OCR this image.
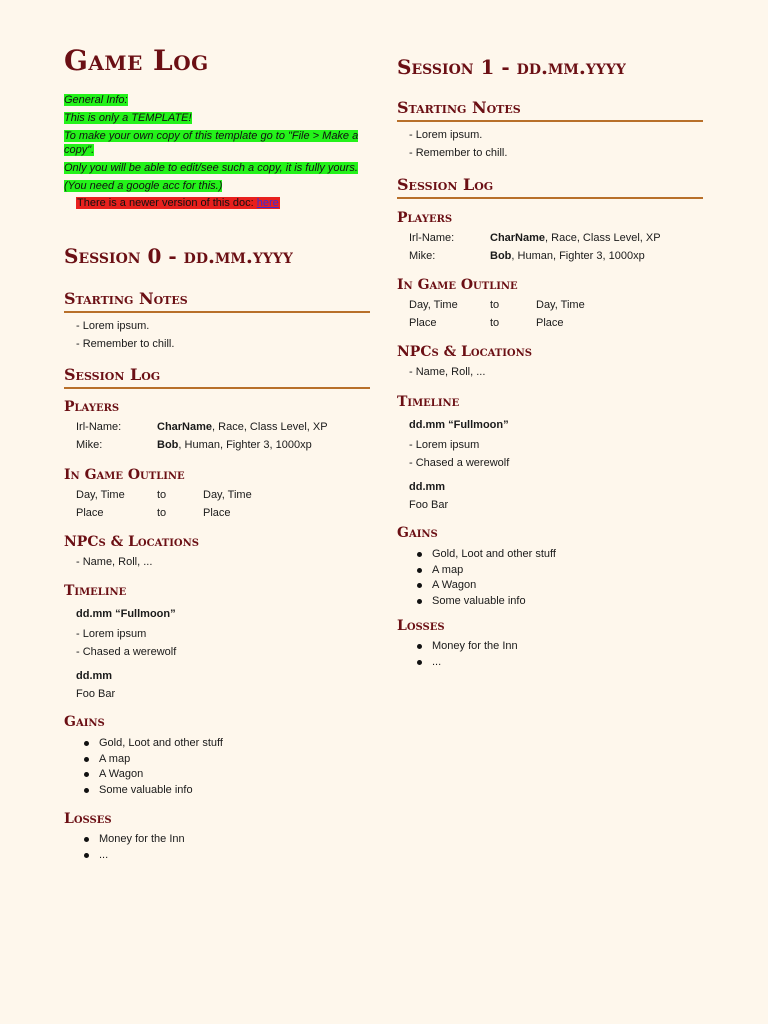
Game Log
General Info:
This is only a TEMPLATE!
To make your own copy of this template go to "File > Make a copy".
Only you will be able to edit/see such a copy, it is fully yours.
(You need a google acc for this.)
There is a newer version of this doc: here
Session 0 - dd.mm.yyyy
Starting Notes
- Lorem ipsum.
- Remember to chill.
Session Log
Players
Irl-Name:	CharName, Race, Class Level, XP
Mike:	Bob, Human, Fighter 3, 1000xp
In Game Outline
Day, Time	to	Day, Time
Place	to	Place
NPCs & Locations
- Name, Roll, ...
Timeline
dd.mm “Fullmoon”
- Lorem ipsum
- Chased a werewolf
dd.mm
Foo Bar
Gains
Gold, Loot and other stuff
A map
A Wagon
Some valuable info
Losses
Money for the Inn
...
Session 1 - dd.mm.yyyy
Starting Notes
- Lorem ipsum.
- Remember to chill.
Session Log
Players
Irl-Name:	CharName, Race, Class Level, XP
Mike:	Bob, Human, Fighter 3, 1000xp
In Game Outline
Day, Time	to	Day, Time
Place	to	Place
NPCs & Locations
- Name, Roll, ...
Timeline
dd.mm “Fullmoon”
- Lorem ipsum
- Chased a werewolf
dd.mm
Foo Bar
Gains
Gold, Loot and other stuff
A map
A Wagon
Some valuable info
Losses
Money for the Inn
...
